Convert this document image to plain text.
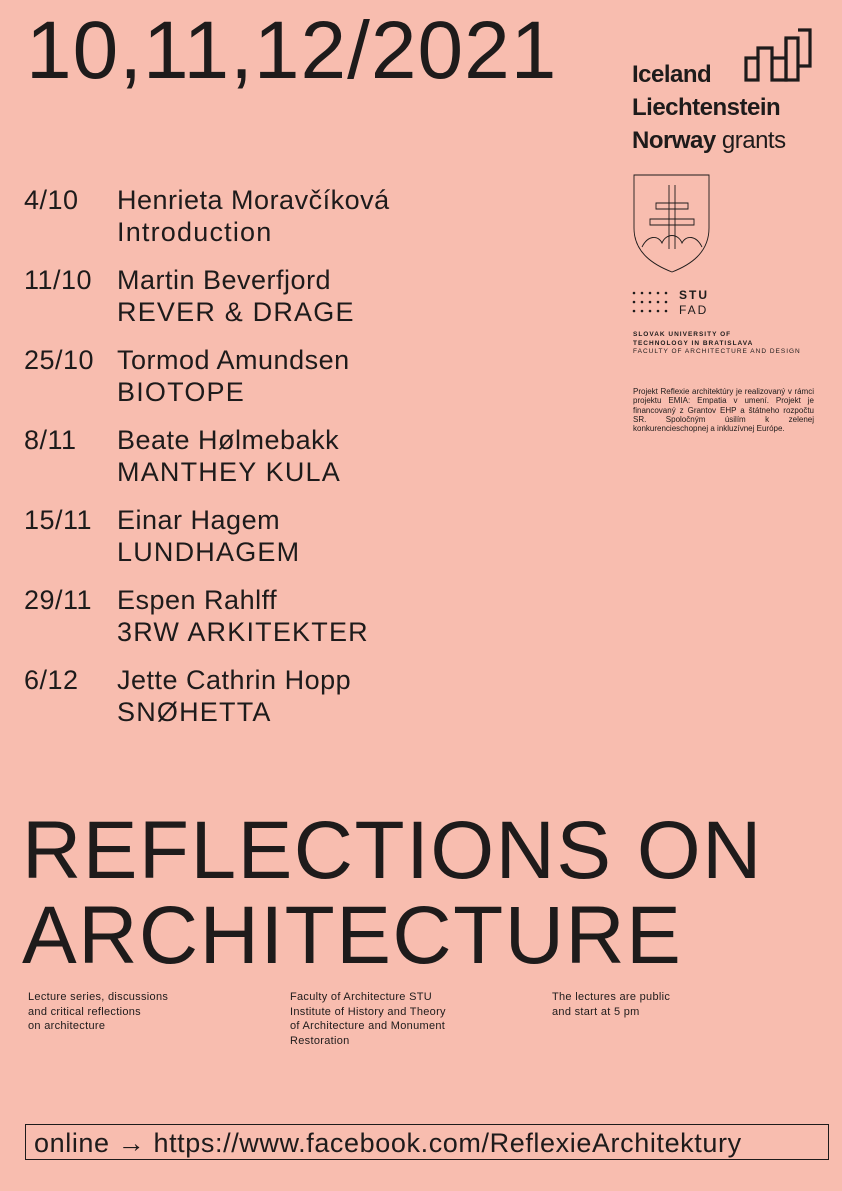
10,11,12/2021	Iceland
Liechtenstein
Norway grants
STU
FAD
SLOVAK UNIVERSITY OF
TECHNOLOGY IN BRATISLAVA
FACULTY OF ARCHITECTURE AND DESIGN
Projekt Reflexie architektúry je realizovaný v rámci projektu EMIA: Empatia v umení. Projekt je financovaný z Grantov EHP a štátneho rozpočtu SR. Spoločným úsilím k zelenej konkurencieschopnej a inkluzívnej Európe.
4/10 Henrieta Moravčíková
Introduction
11/10 Martin Beverfjord
REVER & DRAGE
25/10 Tormod Amundsen
BIOTOPE
8/11 Beate Hølmebakk
MANTHEY KULA
15/11 Einar Hagem
LUNDHAGEM
29/11 Espen Rahlff
3RW ARKITEKTER
6/12 Jette Cathrin Hopp
SNØHETTA
REFLECTIONS ON
ARCHITECTURE
Lecture series, discussions
and critical reflections
on architecture
Faculty of Architecture STU
Institute of History and Theory
of Architecture and Monument
Restoration
The lectures are public
and start at 5 pm
online → https://www.facebook.com/ReflexieArchitektury
